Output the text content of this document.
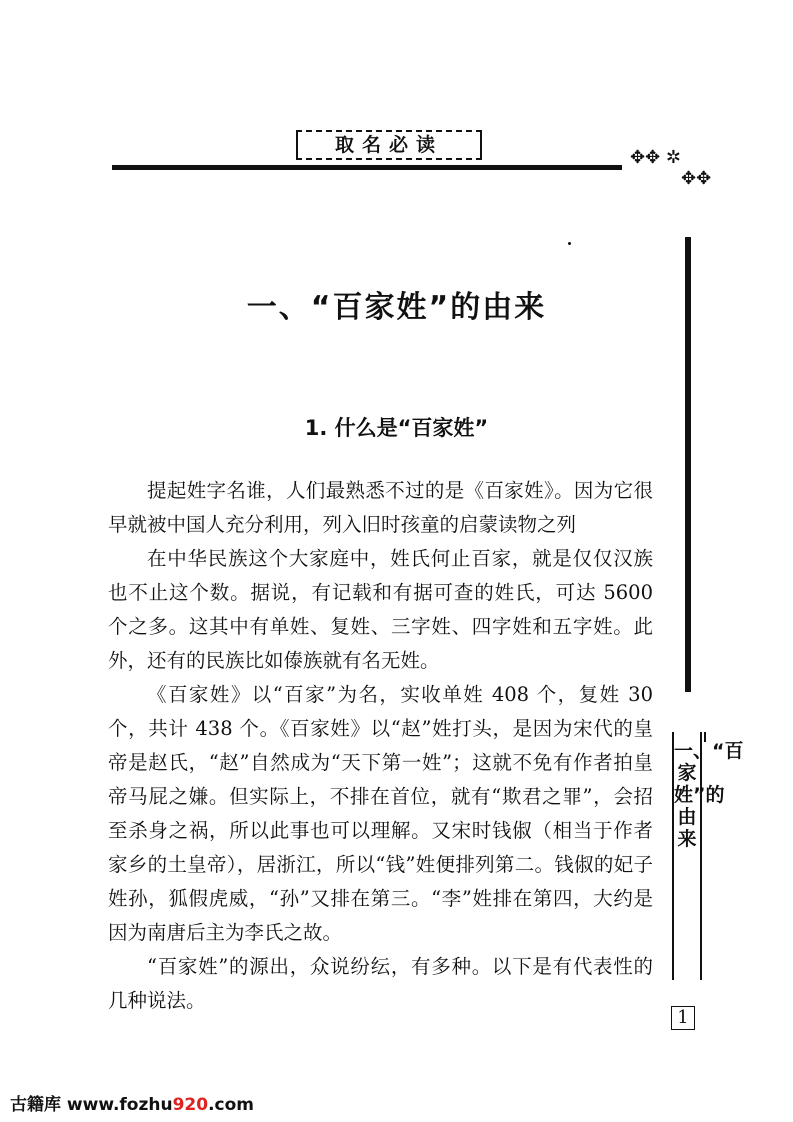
取名必读
✥✥ ✲
✥✥
一、“百家姓”的由来
1. 什么是“百家姓”

提起姓字名谁，人们最熟悉不过的是《百家姓》。因为它很早就被中国人充分利用，列入旧时孩童的启蒙读物之列

在中华民族这个大家庭中，姓氏何止百家，就是仅仅汉族也不止这个数。据说，有记载和有据可查的姓氏，可达 5600 个之多。这其中有单姓、复姓、三字姓、四字姓和五字姓。此外，还有的民族比如傣族就有名无姓。

《百家姓》以“百家”为名，实收单姓 408 个，复姓 30 个，共计 438 个。《百家姓》以“赵”姓打头，是因为宋代的皇帝是赵氏，“赵”自然成为“天下第一姓”；这就不免有作者拍皇帝马屁之嫌。但实际上，不排在首位，就有“欺君之罪”，会招至杀身之祸，所以此事也可以理解。又宋时钱俶（相当于作者家乡的土皇帝），居浙江，所以“钱”姓便排列第二。钱俶的妃子姓孙，狐假虎威，“孙”又排在第三。“李”姓排在第四，大约是因为南唐后主为李氏之故。

“百家姓”的源出，众说纷纭，有多种。以下是有代表性的几种说法。

一、“百家姓”的由来
1
古籍库 www.fozhu920.com
